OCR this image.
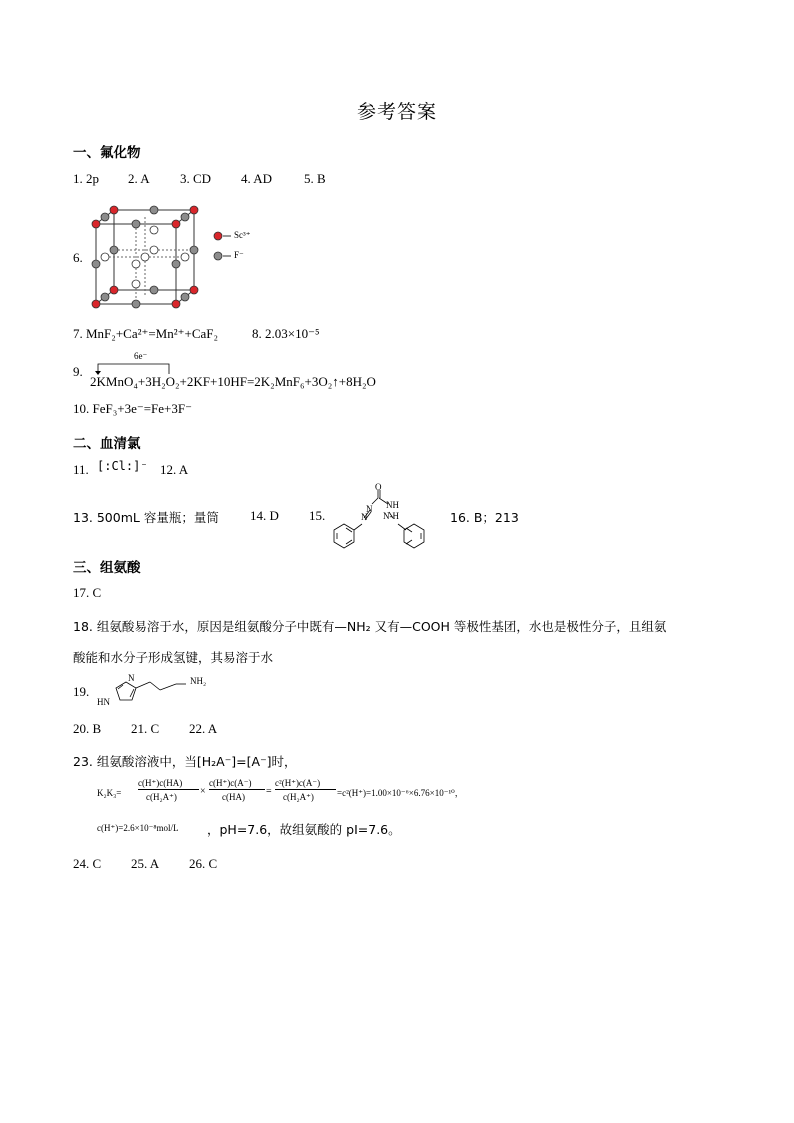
参考答案
一、氟化物
1. 2p 2. A 3. CD 4. AD 5. B
6.
Sc³⁺
F⁻
7. MnF₂+Ca²⁺=Mn²⁺+CaF₂	8. 2.03×10⁻⁵
9.
6e⁻
2KMnO₄+3H₂O₂+2KF+10HF=2K₂MnF₆+3O₂↑+8H₂O
10. FeF₃+3e⁻=Fe+3F⁻
二、血清氯
11. [:Cl:]⁻ 12. A
13. 500mL 容量瓶；量筒 14. D 15.
O
NH
N-H
N
N	16. B；213
三、组氨酸
17. C
18. 组氨酸易溶于水，原因是组氨酸分子中既有—NH₂ 又有—COOH 等极性基团，水也是极性分子，且组氨
酸能和水分子形成氢键，其易溶于水
19.
NH₂
N
HN
20. B 21. C 22. A
23. 组氨酸溶液中，当[H₂A⁻]=[A⁻]时，
K₂K₃=
c(H⁺)c(HA)
c(H₂A⁺) ×
c(H⁺)c(A⁻)
c(HA) =
c²(H⁺)c(A⁻)
c(H₂A⁺)	=c²(H⁺)=1.00×10⁻⁶×6.76×10⁻¹⁰，
c(H⁺)=2.6×10⁻⁸mol/L ，pH=7.6，故组氨酸的 pI=7.6。
24. C 25. A 26. C
